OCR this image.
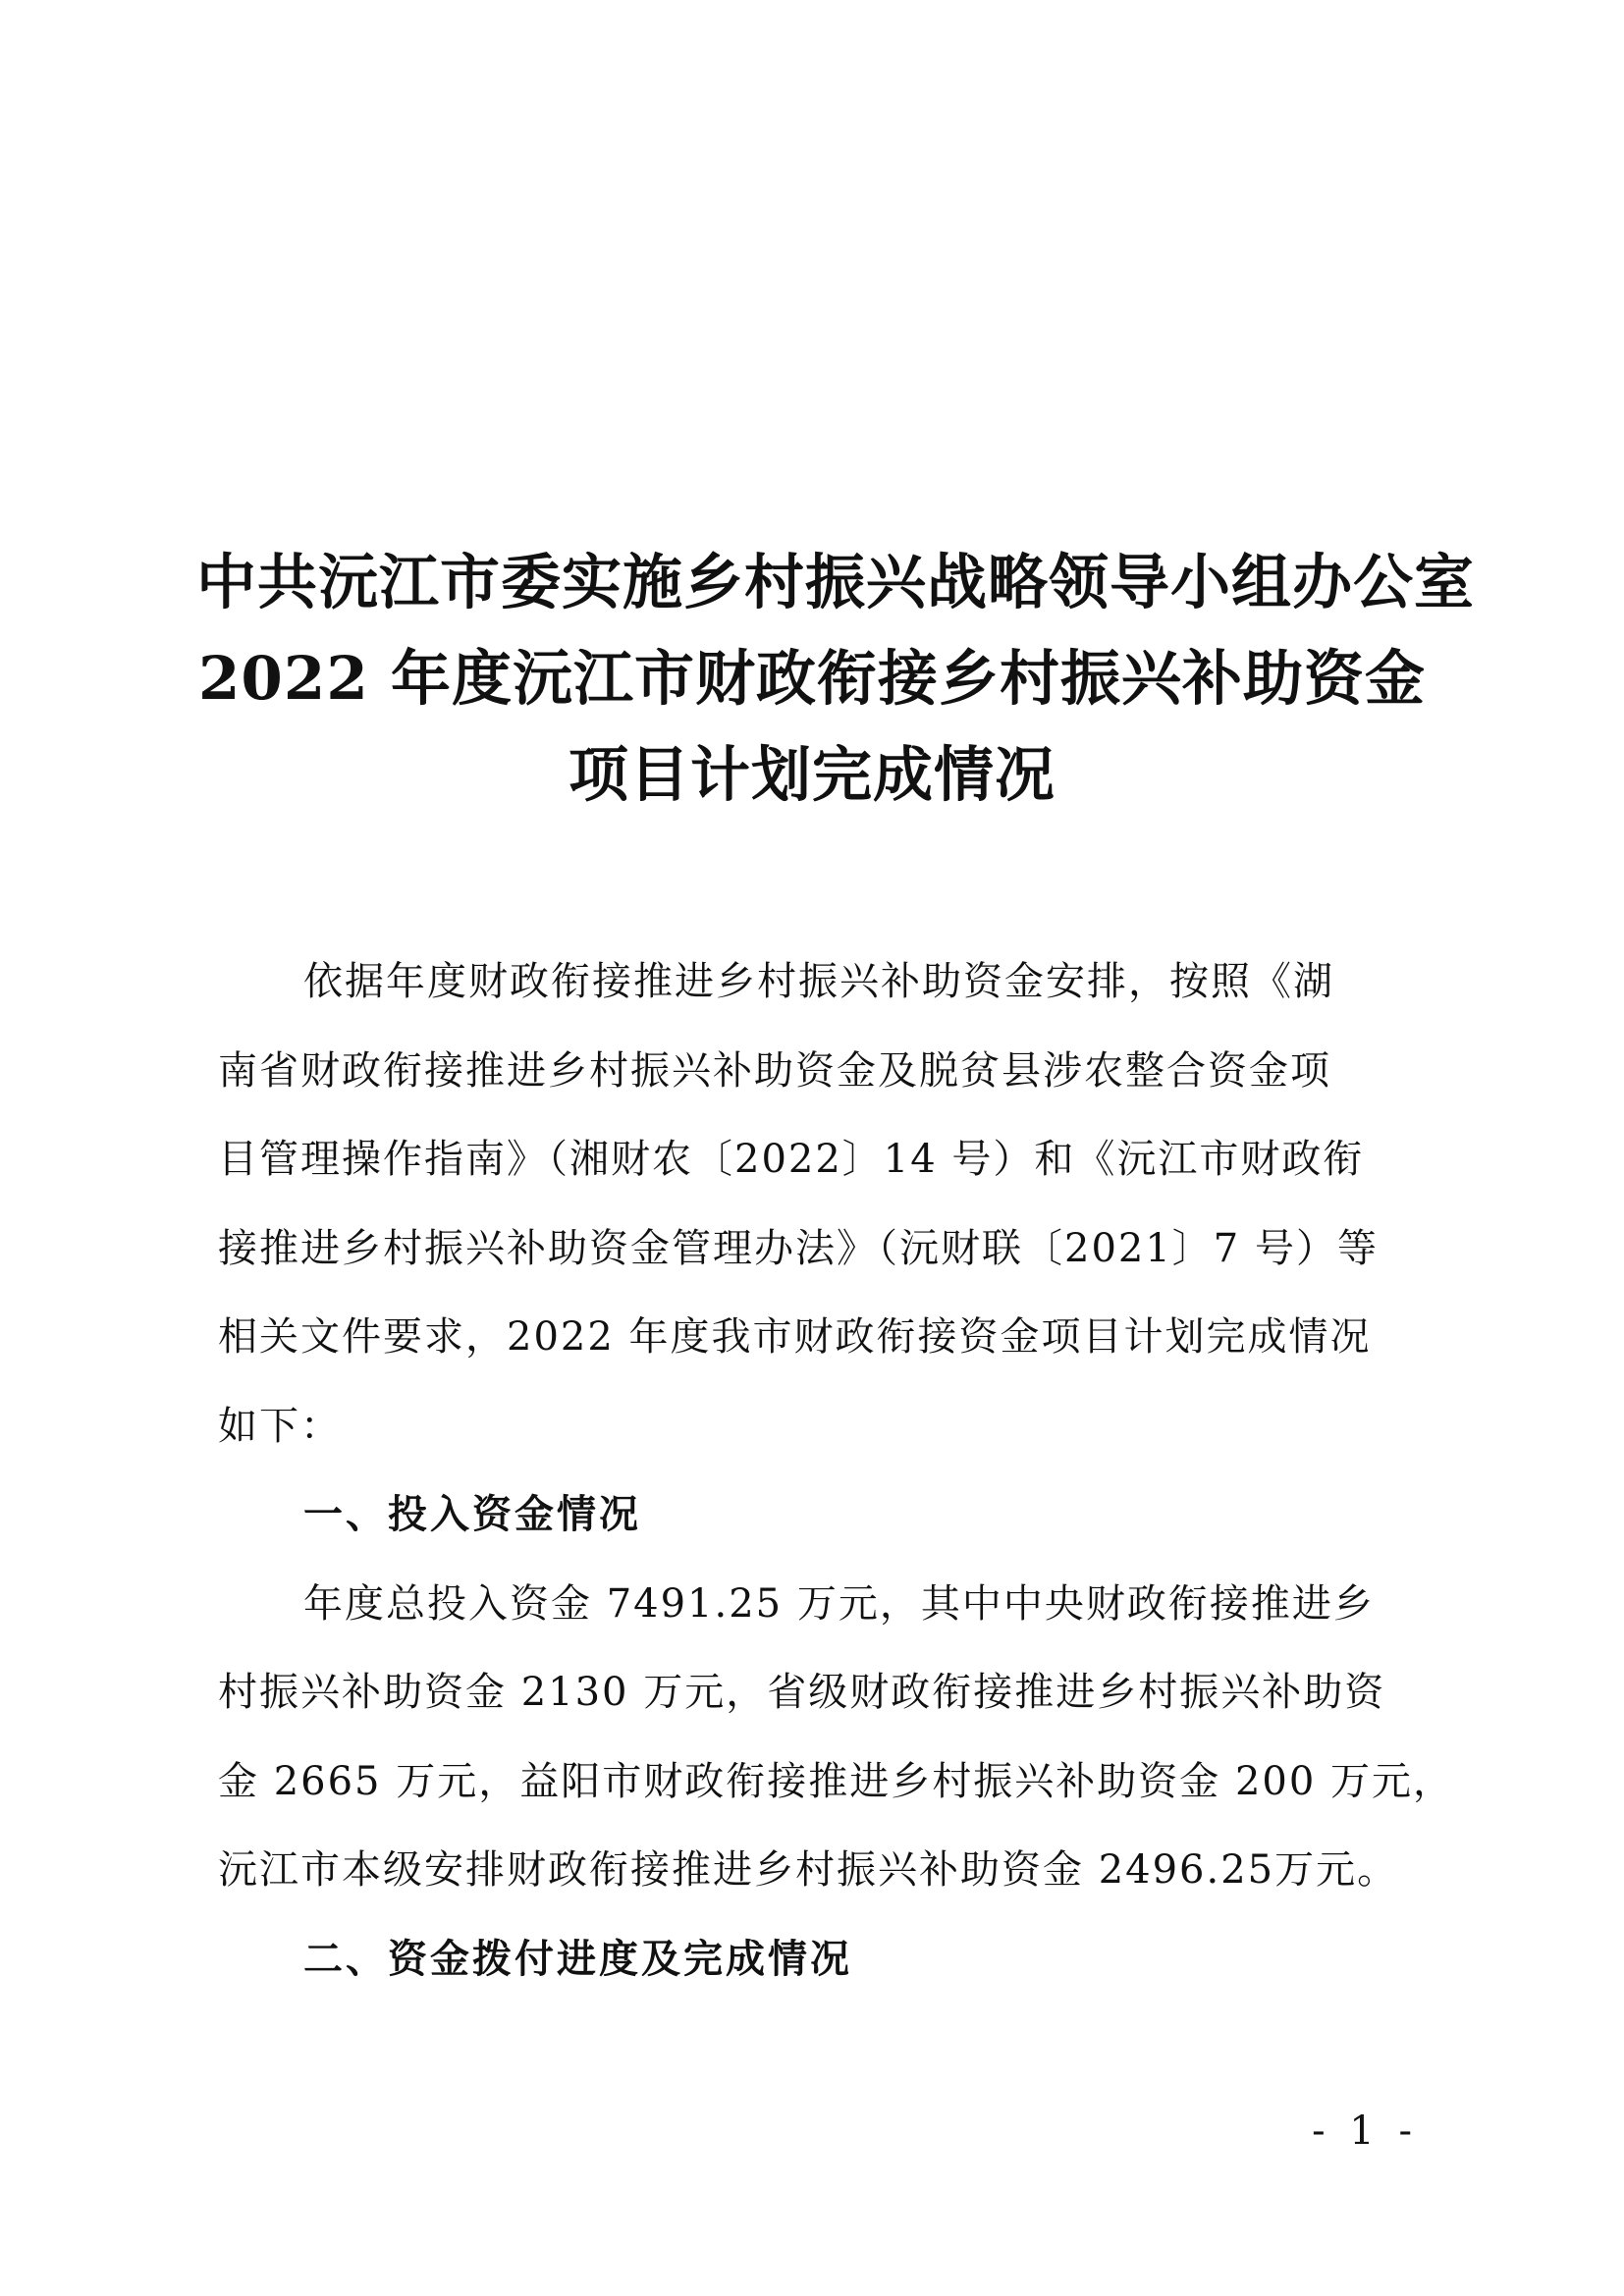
中共沅江市委实施乡村振兴战略领导小组办公室
2022 年度沅江市财政衔接乡村振兴补助资金
项目计划完成情况
依据年度财政衔接推进乡村振兴补助资金安排，按照《湖
南省财政衔接推进乡村振兴补助资金及脱贫县涉农整合资金项
目管理操作指南》（湘财农〔2022〕14 号）和《沅江市财政衔
接推进乡村振兴补助资金管理办法》（沅财联〔2021〕7 号）等
相关文件要求，2022 年度我市财政衔接资金项目计划完成情况
如下：
一、投入资金情况
年度总投入资金 7491.25 万元，其中中央财政衔接推进乡
村振兴补助资金 2130 万元，省级财政衔接推进乡村振兴补助资
金 2665 万元，益阳市财政衔接推进乡村振兴补助资金 200 万元，
沅江市本级安排财政衔接推进乡村振兴补助资金 2496.25万元。
二、资金拨付进度及完成情况
- 1 -
